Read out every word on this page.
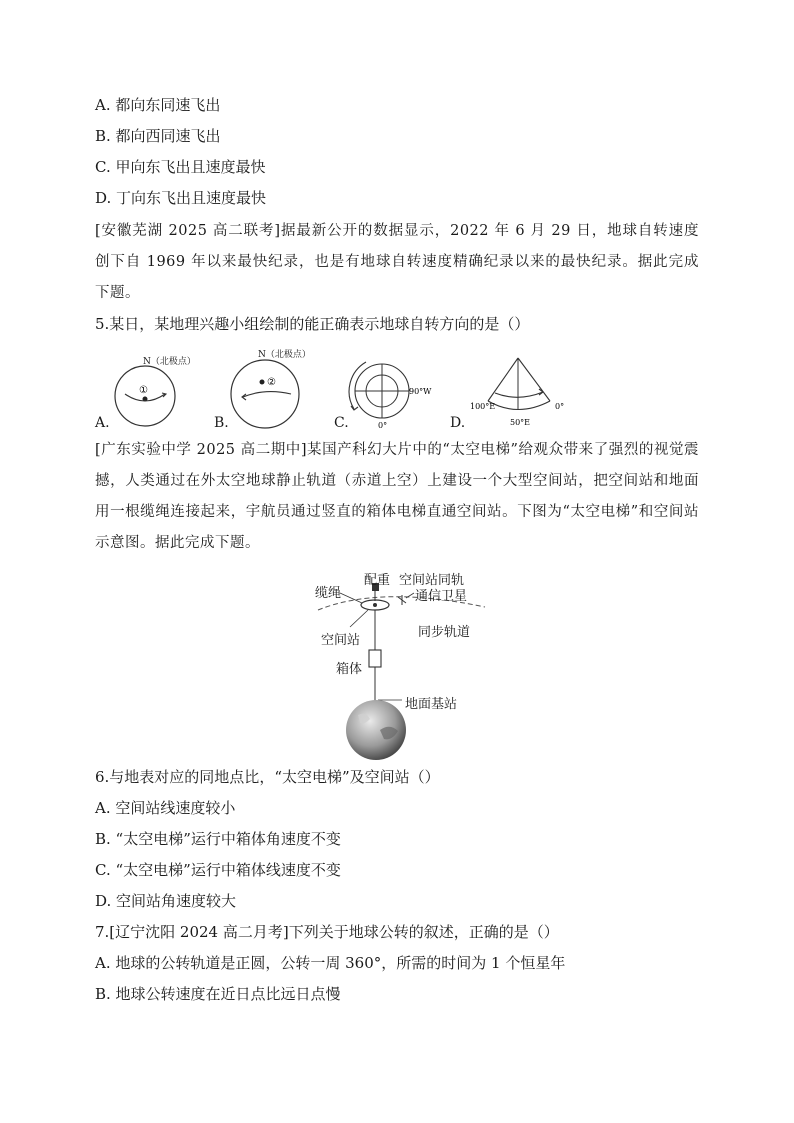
A. 都向东同速飞出
B. 都向西同速飞出
C. 甲向东飞出且速度最快
D. 丁向东飞出且速度最快
[安徽芜湖 2025 高二联考]据最新公开的数据显示，2022 年 6 月 29 日，地球自转速度创下自 1969 年以来最快纪录，也是有地球自转速度精确纪录以来的最快纪录。据此完成下题。
5.某日，某地理兴趣小组绘制的能正确表示地球自转方向的是（）
N（北极点）
①
A.
N（北极点）
②
B.
90°W
0°
C.
100°E	0°
50°E
D.
[广东实验中学 2025 高二期中]某国产科幻大片中的“太空电梯”给观众带来了强烈的视觉震撼，人类通过在外太空地球静止轨道（赤道上空）上建设一个大型空间站，把空间站和地面用一根缆绳连接起来，宇航员通过竖直的箱体电梯直通空间站。下图为“太空电梯”和空间站示意图。据此完成下题。
缆绳
配重 空间站同轨
通信卫星
空间站
同步轨道
箱体
地面基站
6.与地表对应的同地点比，“太空电梯”及空间站（）
A. 空间站线速度较小
B. “太空电梯”运行中箱体角速度不变
C. “太空电梯”运行中箱体线速度不变
D. 空间站角速度较大
7.[辽宁沈阳 2024 高二月考]下列关于地球公转的叙述，正确的是（）
A. 地球的公转轨道是正圆，公转一周 360°，所需的时间为 1 个恒星年
B. 地球公转速度在近日点比远日点慢
